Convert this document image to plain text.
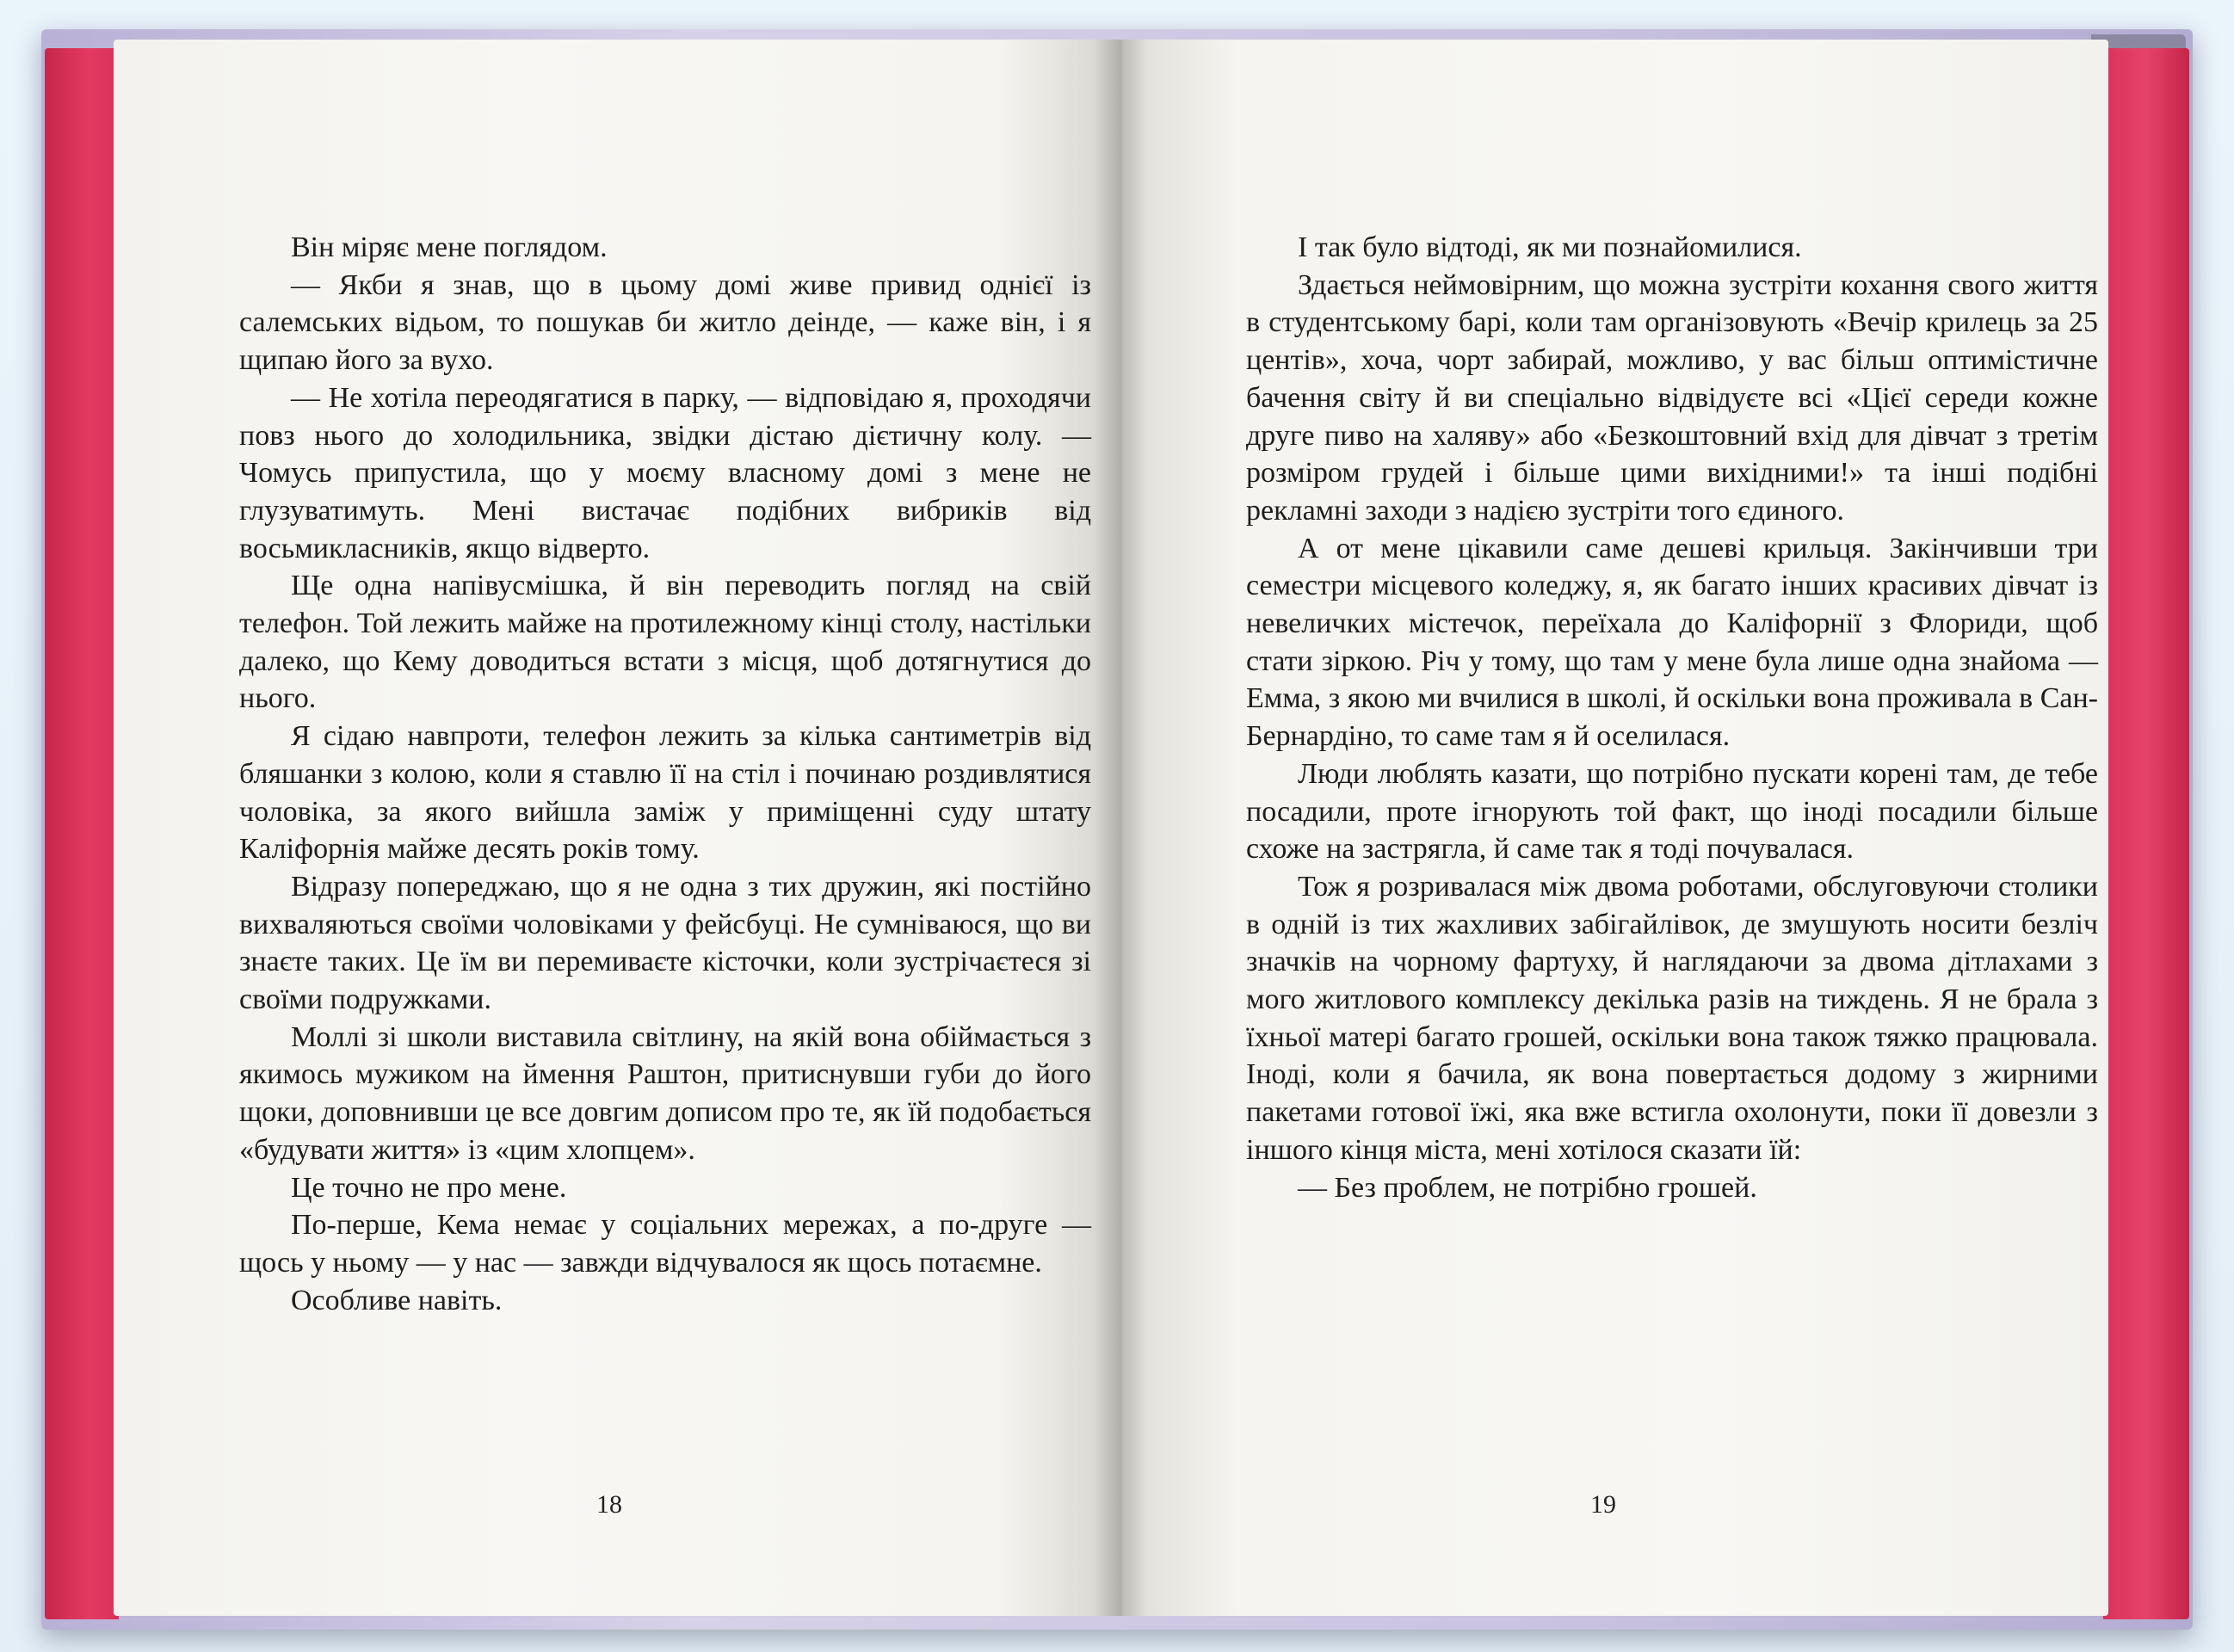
Він міряє мене поглядом.

— Якби я знав, що в цьому домі живе привид однієї із салемських відьом, то пошукав би житло деінде, — каже він, і я щипаю його за вухо.

— Не хотіла переодягатися в парку, — відповідаю я, проходячи повз нього до холодильника, звідки дістаю дієтичну колу. — Чомусь припустила, що у моєму власному домі з мене не глузуватимуть. Мені вистачає подібних вибриків від восьмикласників, якщо відверто.

Ще одна напівусмішка, й він переводить погляд на свій телефон. Той лежить майже на протилежному кінці столу, настільки далеко, що Кему доводиться встати з місця, щоб дотягнутися до нього.

Я сідаю навпроти, телефон лежить за кілька сантиметрів від бляшанки з колою, коли я ставлю її на стіл і починаю роздивлятися чоловіка, за якого вийшла заміж у приміщенні суду штату Каліфорнія майже десять років тому.

Відразу попереджаю, що я не одна з тих дружин, які постійно вихваляються своїми чоловіками у фейсбуці. Не сумніваюся, що ви знаєте таких. Це їм ви перемиваєте кісточки, коли зустрічаєтеся зі своїми подружками.

Моллі зі школи виставила світлину, на якій вона обіймається з якимось мужиком на ймення Раштон, притиснувши губи до його щоки, доповнивши це все довгим дописом про те, як їй подобається «будувати життя» із «цим хлопцем».

Це точно не про мене.

По-перше, Кема немає у соціальних мережах, а по-друге — щось у ньому — у нас — завжди відчувалося як щось потаємне.

Особливе навіть.

18

І так було відтоді, як ми познайомилися.

Здається неймовірним, що можна зустріти кохання свого життя в студентському барі, коли там організовують «Вечір крилець за 25 центів», хоча, чорт забирай, можливо, у вас більш оптимістичне бачення світу й ви спеціально відвідуєте всі «Цієї середи кожне друге пиво на халяву» або «Безкоштовний вхід для дівчат з третім розміром грудей і більше цими вихідними!» та інші подібні рекламні заходи з надією зустріти того єдиного.

А от мене цікавили саме дешеві крильця. Закінчивши три семестри місцевого коледжу, я, як багато інших красивих дівчат із невеличких містечок, переїхала до Каліфорнії з Флориди, щоб стати зіркою. Річ у тому, що там у мене була лише одна знайома — Емма, з якою ми вчилися в школі, й оскільки вона проживала в Сан-Бернардіно, то саме там я й оселилася.

Люди люблять казати, що потрібно пускати корені там, де тебе посадили, проте ігнорують той факт, що іноді посадили більше схоже на застрягла, й саме так я тоді почувалася.

Тож я розривалася між двома роботами, обслуговуючи столики в одній із тих жахливих забігайлівок, де змушують носити безліч значків на чорному фартуху, й наглядаючи за двома дітлахами з мого житлового комплексу декілька разів на тиждень. Я не брала з їхньої матері багато грошей, оскільки вона також тяжко працювала. Іноді, коли я бачила, як вона повертається додому з жирними пакетами готової їжі, яка вже встигла охолонути, поки її довезли з іншого кінця міста, мені хотілося сказати їй:

— Без проблем, не потрібно грошей.

19
